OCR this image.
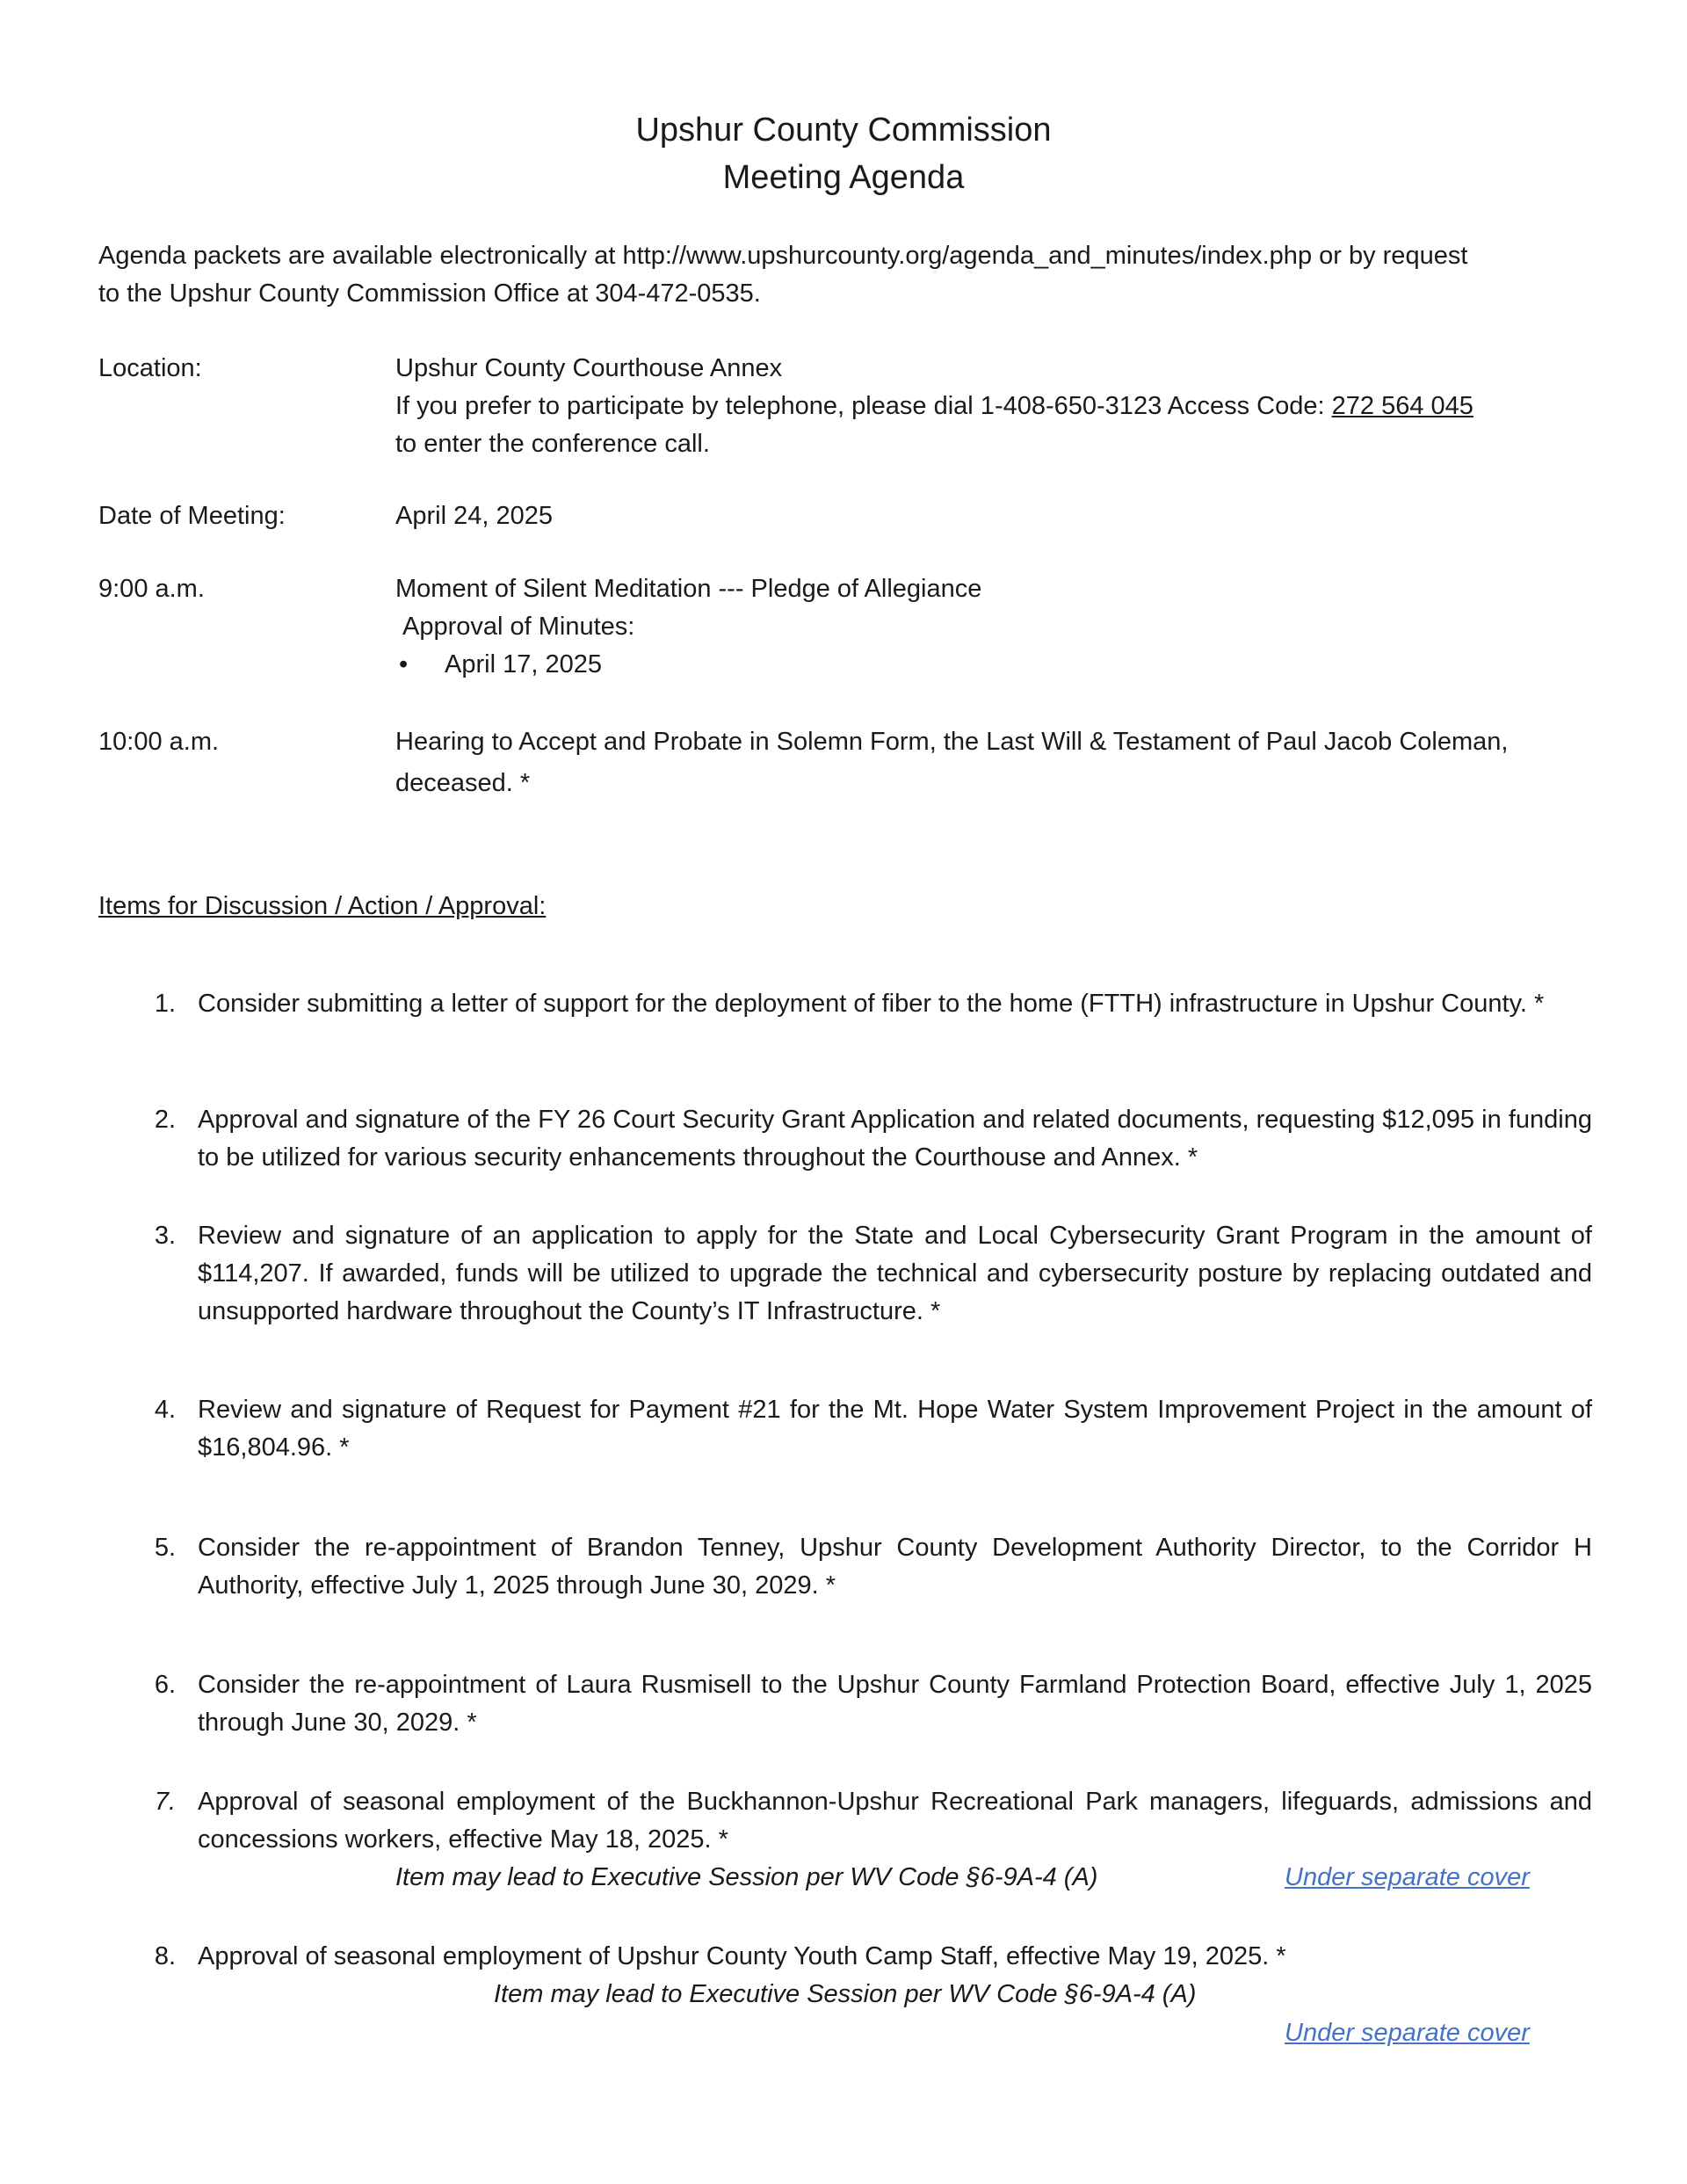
Upshur County Commission
Meeting Agenda
Agenda packets are available electronically at http://www.upshurcounty.org/agenda_and_minutes/index.php or by request
to the Upshur County Commission Office at 304-472-0535.
Location:	Upshur County Courthouse Annex
If you prefer to participate by telephone, please dial 1-408-650-3123 Access Code: 272 564 045
to enter the conference call.
Date of Meeting:	April 24, 2025
9:00 a.m.	Moment of Silent Meditation --- Pledge of Allegiance
Approval of Minutes:
• April 17, 2025
10:00 a.m.	Hearing to Accept and Probate in Solemn Form, the Last Will & Testament of Paul Jacob Coleman, deceased. *
Items for Discussion / Action / Approval:
1. Consider submitting a letter of support for the deployment of fiber to the home (FTTH) infrastructure in Upshur County. *
2. Approval and signature of the FY 26 Court Security Grant Application and related documents, requesting $12,095 in funding to be utilized for various security enhancements throughout the Courthouse and Annex. *
3. Review and signature of an application to apply for the State and Local Cybersecurity Grant Program in the amount of $114,207. If awarded, funds will be utilized to upgrade the technical and cybersecurity posture by replacing outdated and unsupported hardware throughout the County’s IT Infrastructure. *
4. Review and signature of Request for Payment #21 for the Mt. Hope Water System Improvement Project in the amount of $16,804.96. *
5. Consider the re-appointment of Brandon Tenney, Upshur County Development Authority Director, to the Corridor H Authority, effective July 1, 2025 through June 30, 2029. *
6. Consider the re-appointment of Laura Rusmisell to the Upshur County Farmland Protection Board, effective July 1, 2025 through June 30, 2029. *
7. Approval of seasonal employment of the Buckhannon-Upshur Recreational Park managers, lifeguards, admissions and concessions workers, effective May 18, 2025. *
Item may lead to Executive Session per WV Code §6-9A-4 (A)	Under separate cover
8. Approval of seasonal employment of Upshur County Youth Camp Staff, effective May 19, 2025. *
Item may lead to Executive Session per WV Code §6-9A-4 (A)
Under separate cover
